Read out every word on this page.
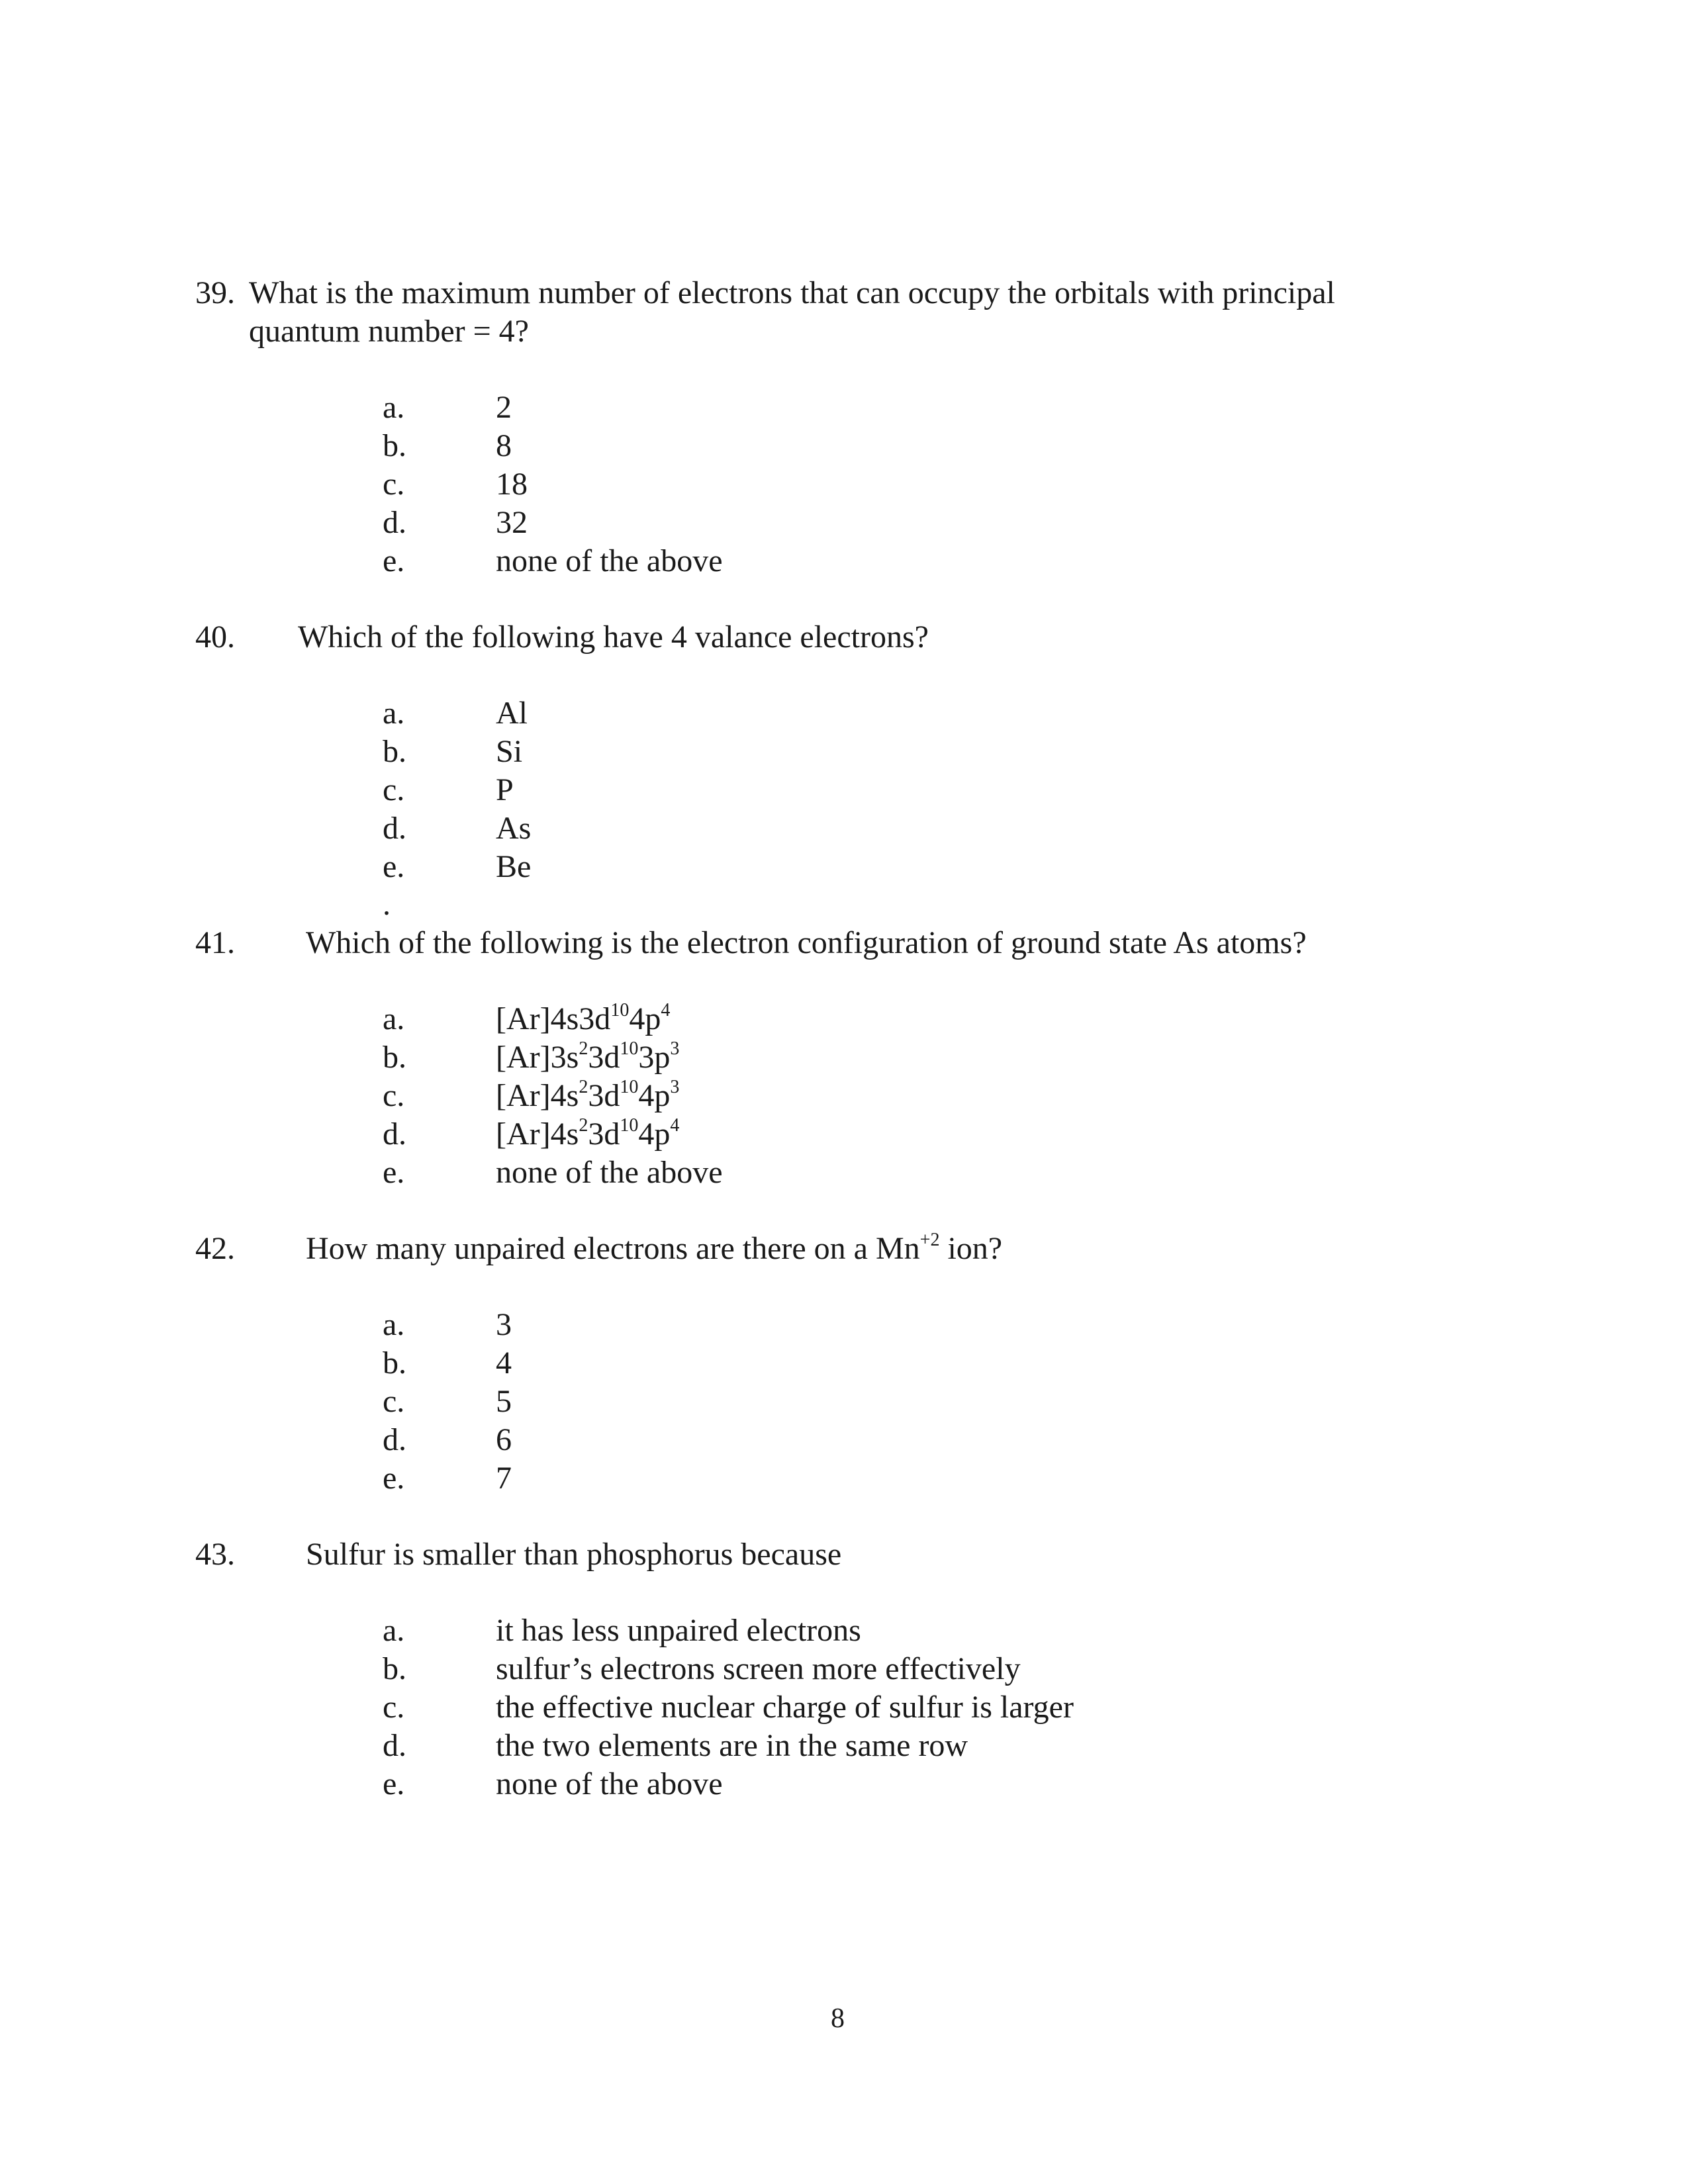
39. What is the maximum number of electrons that can occupy the orbitals with principal
quantum number = 4?
a.	2
b.	8
c.	18
d.	32
e.	none of the above
40. Which of the following have 4 valance electrons?
a.	Al
b.	Si
c.	P
d.	As
e.	Be
.
41. Which of the following is the electron configuration of ground state As atoms?
a.	$[Ar]4s3d^{10}4p^4$
b.	$[Ar]3s^23d^{10}3p^3$
c.	$[Ar]4s^23d^{10}4p^3$
d.	$[Ar]4s^23d^{10}4p^4$
e.	none of the above
42. How many unpaired electrons are there on a $Mn^{+2}$ ion?
a.	3
b.	4
c.	5
d.	6
e.	7
43. Sulfur is smaller than phosphorus because
a.	it has less unpaired electrons
b.	sulfur’s electrons screen more effectively
c.	the effective nuclear charge of sulfur is larger
d.	the two elements are in the same row
e.	none of the above
8
